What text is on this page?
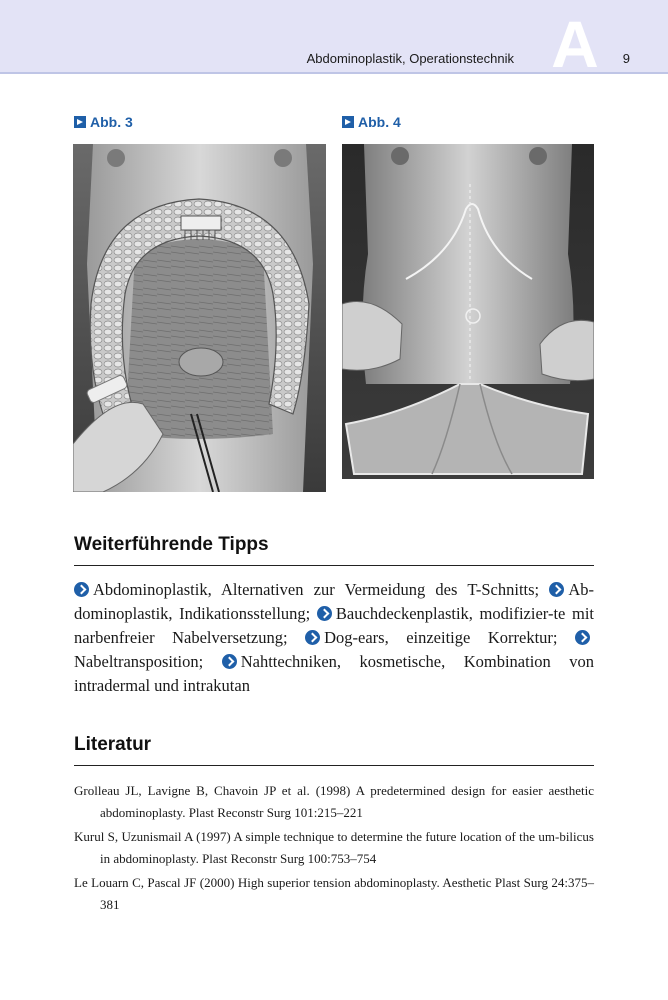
Abdominoplastik, Operationstechnik A 9
Abb. 3	Abb. 4
Weiterführende Tipps
Abdominoplastik, Alternativen zur Vermeidung des T-Schnitts; Ab-dominoplastik, Indikationsstellung; Bauchdeckenplastik, modifizier-te mit narbenfreier Nabelversetzung; Dog-ears, einzeitige Korrektur; Nabeltransposition; Nahttechniken, kosmetische, Kombination von intradermal und intrakutan
Literatur
Grolleau JL, Lavigne B, Chavoin JP et al. (1998) A predetermined design for easier aesthetic abdominoplasty. Plast Reconstr Surg 101:215–221
Kurul S, Uzunismail A (1997) A simple technique to determine the future location of the um-bilicus in abdominoplasty. Plast Reconstr Surg 100:753–754
Le Louarn C, Pascal JF (2000) High superior tension abdominoplasty. Aesthetic Plast Surg 24:375–381
